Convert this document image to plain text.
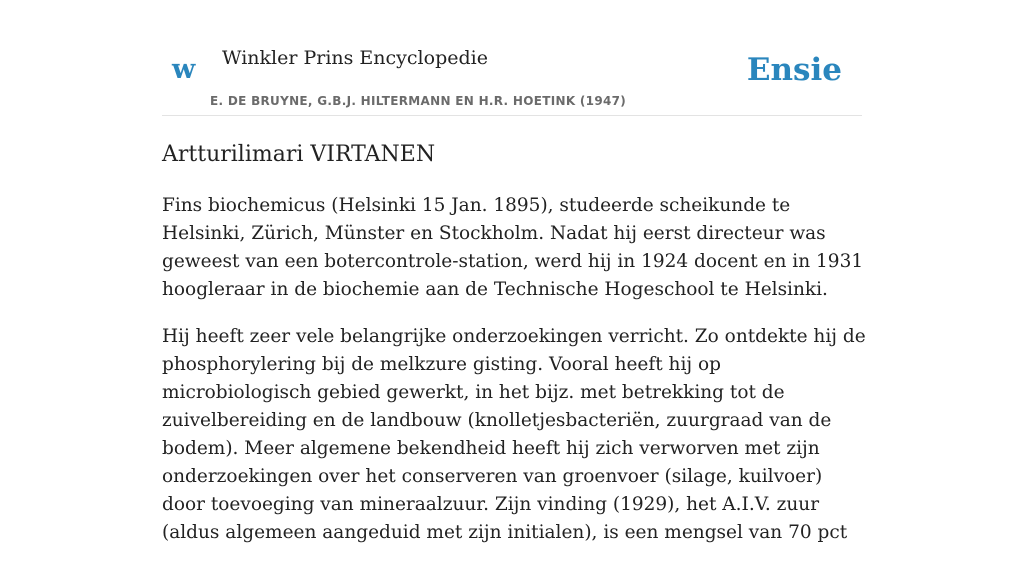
w Winkler Prins Encyclopedie
E. DE BRUYNE, G.B.J. HILTERMANN EN H.R. HOETINK (1947)
Ensie
Artturilimari VIRTANEN

Fins biochemicus (Helsinki 15 Jan. 1895), studeerde scheikunde te Helsinki, Zürich, Münster en Stockholm. Nadat hij eerst directeur was geweest van een botercontrole-station, werd hij in 1924 docent en in 1931 hoogleraar in de biochemie aan de Technische Hogeschool te Helsinki.

Hij heeft zeer vele belangrijke onderzoekingen verricht. Zo ontdekte hij de phosphorylering bij de melkzure gisting. Vooral heeft hij op microbiologisch gebied gewerkt, in het bijz. met betrekking tot de zuivelbereiding en de landbouw (knolletjesbacteriën, zuurgraad van de bodem). Meer algemene bekendheid heeft hij zich verworven met zijn onderzoekingen over het conserveren van groenvoer (silage, kuilvoer) door toevoeging van mineraalzuur. Zijn vinding (1929), het A.I.V. zuur (aldus algemeen aangeduid met zijn initialen), is een mengsel van 70 pct
